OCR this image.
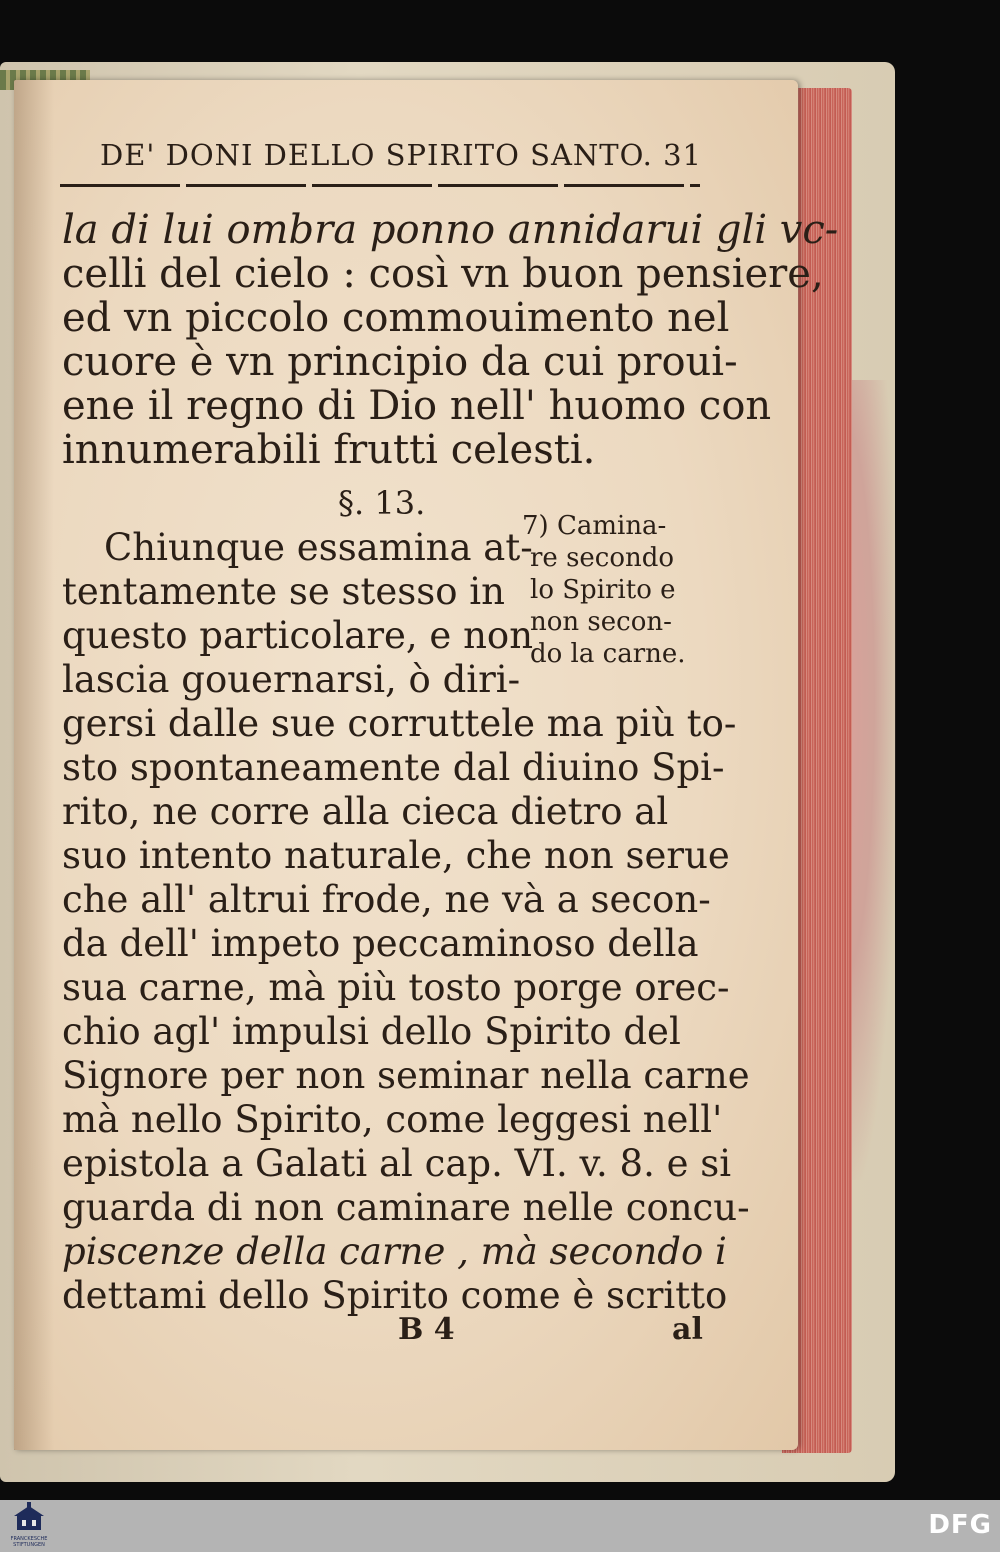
DE' DONI DELLO SPIRITO SANTO. 31
la di lui ombra ponno annidarui gli vc-
celli del cielo : così vn buon pensiere,
ed vn piccolo commouimento nel
cuore è vn principio da cui proui-
ene il regno di Dio nell' huomo con
innumerabili frutti celesti.
§. 13.
Chiunque essamina at-
tentamente se stesso in
questo particolare, e non
lascia gouernarsi, ò diri-
7) Camina-
re secondo
lo Spirito e
non secon-
do la carne.
gersi dalle sue corruttele ma più to-
sto spontaneamente dal diuino Spi-
rito, ne corre alla cieca dietro al
suo intento naturale, che non serue
che all' altrui frode, ne và a secon-
da dell' impeto peccaminoso della
sua carne, mà più tosto porge orec-
chio agl' impulsi dello Spirito del
Signore per non seminar nella carne
mà nello Spirito, come leggesi nell'
epistola a Galati al cap. VI. v. 8. e si
guarda di non caminare nelle concu-
piscenze della carne , mà secondo i
dettami dello Spirito come è scritto
B 4	al
FRANCKESCHE STIFTUNGEN
DFG
